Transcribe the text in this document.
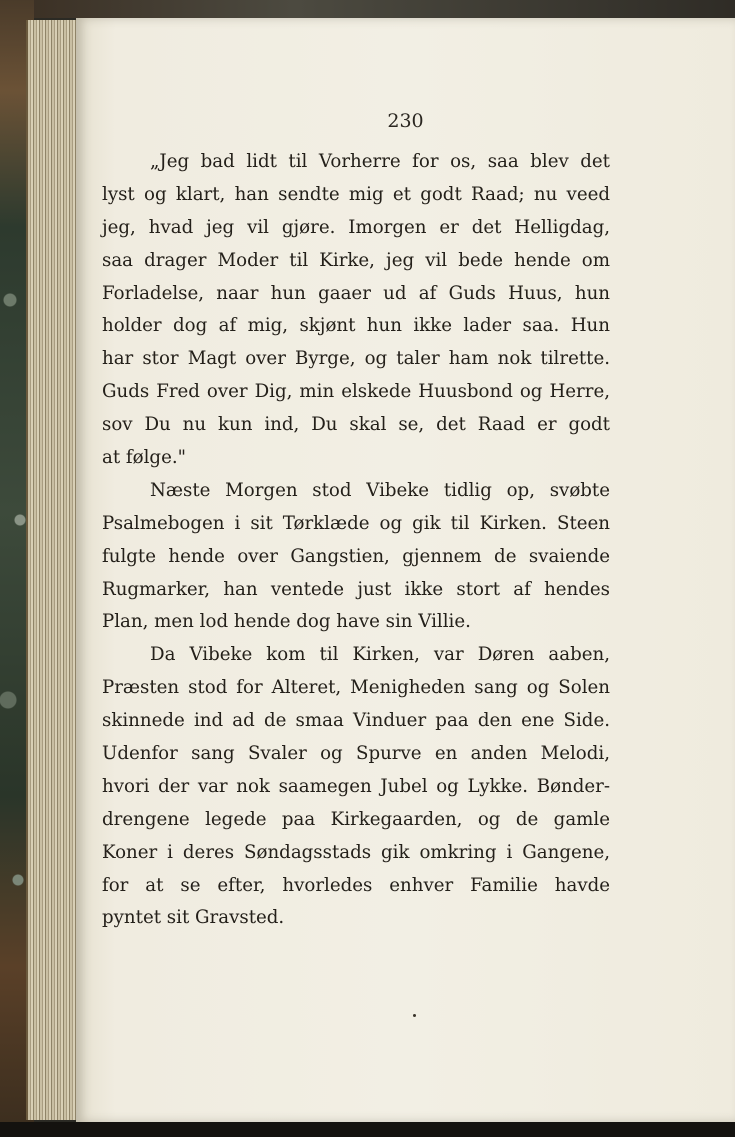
230
„Jeg bad lidt til Vorherre for os, saa blev det
lyst og klart, han sendte mig et godt Raad; nu veed
jeg, hvad jeg vil gjøre. Imorgen er det Helligdag,
saa drager Moder til Kirke, jeg vil bede hende om
Forladelse, naar hun gaaer ud af Guds Huus, hun
holder dog af mig, skjønt hun ikke lader saa. Hun
har stor Magt over Byrge, og taler ham nok tilrette.
Guds Fred over Dig, min elskede Huusbond og Herre,
sov Du nu kun ind, Du skal se, det Raad er godt
at følge."
Næste Morgen stod Vibeke tidlig op, svøbte
Psalmebogen i sit Tørklæde og gik til Kirken. Steen
fulgte hende over Gangstien, gjennem de svaiende
Rugmarker, han ventede just ikke stort af hendes
Plan, men lod hende dog have sin Villie.
Da Vibeke kom til Kirken, var Døren aaben,
Præsten stod for Alteret, Menigheden sang og Solen
skinnede ind ad de smaa Vinduer paa den ene Side.
Udenfor sang Svaler og Spurve en anden Melodi,
hvori der var nok saamegen Jubel og Lykke. Bønder-
drengene legede paa Kirkegaarden, og de gamle
Koner i deres Søndagsstads gik omkring i Gangene,
for at se efter, hvorledes enhver Familie havde
pyntet sit Gravsted.
